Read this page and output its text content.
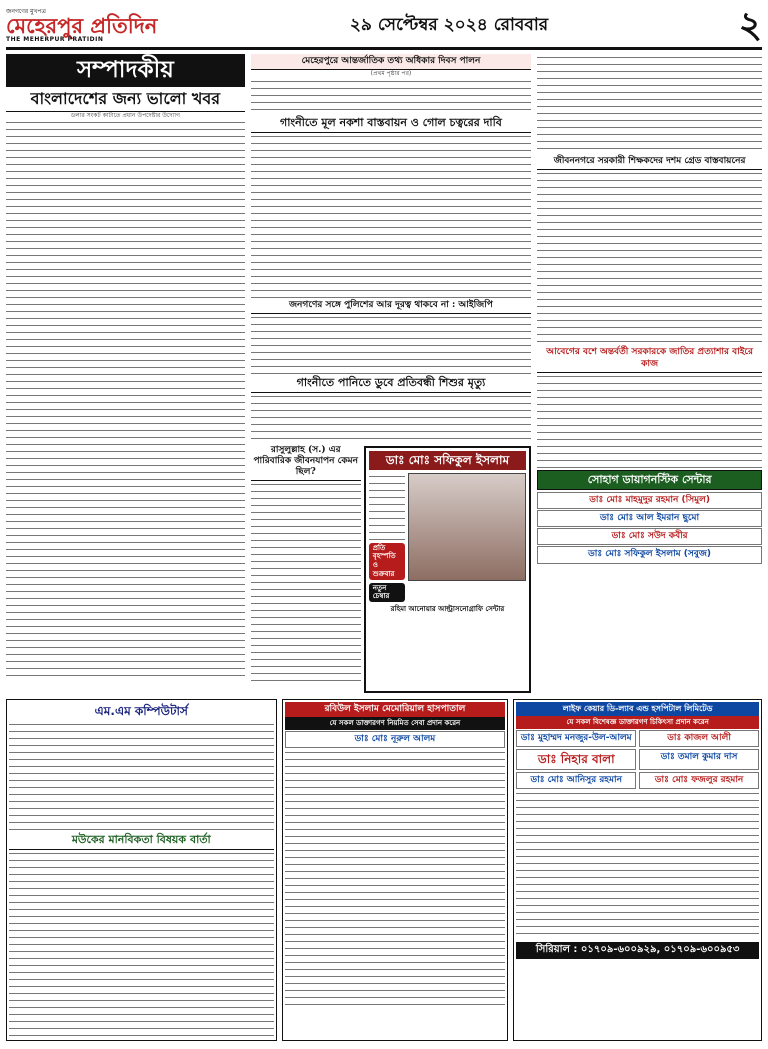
জনগণের মুখপত্র
মেহেরপুর প্রতিদিন
THE MEHERPUR PRATIDIN
২৯ সেপ্টেম্বর ২০২৪ রোববার	২
সম্পাদকীয়
বাংলাদেশের জন্য ভালো খবর
ডলার সংকট কাটাতে প্রধান উপদেষ্টার উদ্যোগ
মেহেরপুরে আন্তর্জাতিক তথ্য অধিকার দিবস পালন
(প্রথম পৃষ্ঠার পর)
গাংনীতে মূল নকশা বাস্তবায়ন ও গোল চত্বরের দাবি
জনগণের সঙ্গে পুলিশের আর দূরত্ব থাকবে না : আইজিপি
গাংনীতে পানিতে ডুবে প্রতিবন্ধী শিশুর মৃত্যু
রাসুলুল্লাহ (স.) এর পারিবারিক জীবনযাপন কেমন ছিল?
ডাঃ মোঃ সফিকুল ইসলাম
প্রতি বৃহস্পতি ও শুক্রবার নতুন চেম্বার
রহিমা আনোয়ার আল্ট্রাসনোগ্রাফি সেন্টার
জীবননগরে সরকারী শিক্ষকদের দশম গ্রেড বাস্তবায়নের
আবেগের বশে অন্তর্বর্তী সরকারকে জাতির প্রত্যাশার বাইরে কাজ
সোহাগ ডায়াগনস্টিক সেন্টার
ডাঃ মোঃ মাহমুদুর রহমান (সিমুল)
ডাঃ মোঃ আল ইমরান ছুমো
ডাঃ মোঃ সউদ কবীর
ডাঃ মোঃ সফিকুল ইসলাম (সবুজ)
এম.এম কম্পিউটার্স
মউকের মানবিকতা বিষয়ক বার্তা
রবিউল ইসলাম মেমোরিয়াল হাসপাতাল
যে সকল ডাক্তারগণ নিয়মিত সেবা প্রদান করেন
ডাঃ মোঃ নূরুল আলম
লাইফ কেয়ার ডি-ল্যাব এন্ড হসপিটাল লিমিটেড
যে সকল বিশেষজ্ঞ ডাক্তারগণ চিকিৎসা প্রদান করেন
ডাঃ মুহাম্মদ মনজুর-উল-আলম	ডাঃ কাজল আলী
ডাঃ নিহার বালা	ডাঃ তমাল কুমার দাস
ডাঃ মোঃ আনিসুর রহমান	ডাঃ মোঃ ফজলুর রহমান
সিরিয়াল : ০১৭০৯-৬০০৯২৯, ০১৭০৯-৬০০৯৫৩
